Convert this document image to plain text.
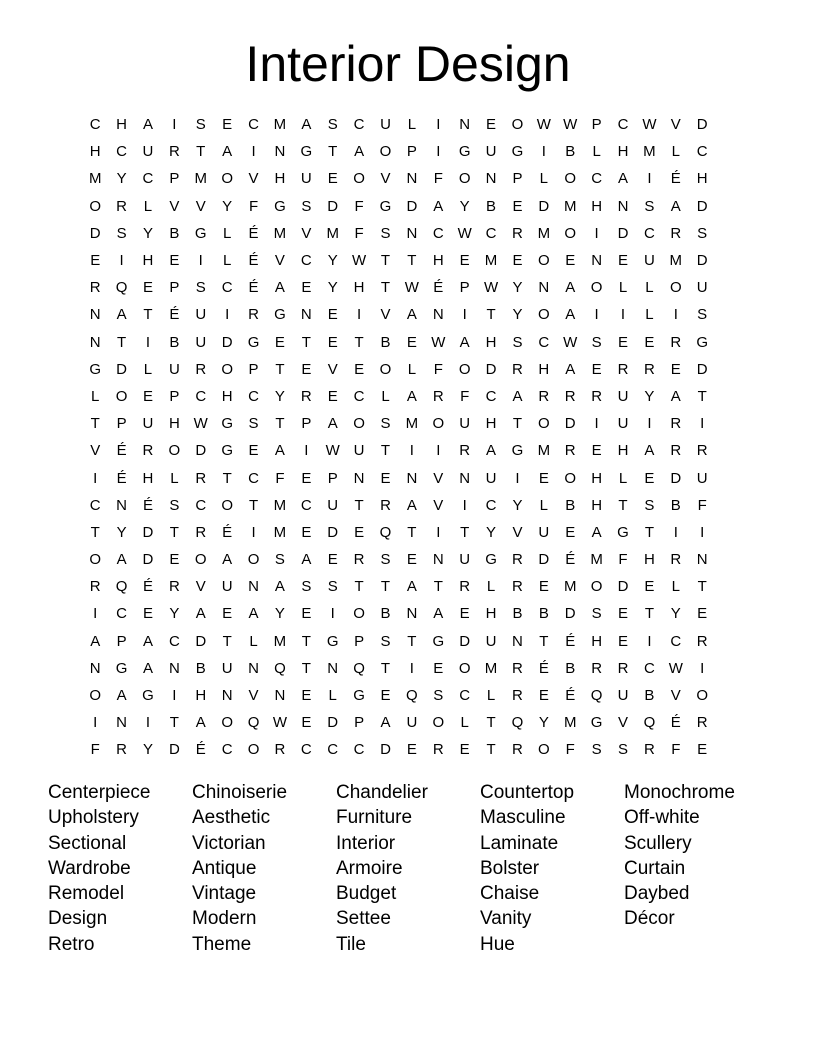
Interior Design
C	H	A	I	S	E	C M	A	S	C	U	L	I	N	E	O W W P	C W V	D
H	C	U	R	T	A	I	N	G	T	A	O	P	I	G	U	G	I	B	L	H M	L	C
M	Y	C	P	M O	V	H	U	E	O	V	N	F	O	N	P	L	O	C	A	I	É	H
O	R	L	V	V	Y	F	G	S	D	F	G	D	A	Y	B	E	D M H	N	S	A	D
D	S	Y	B	G	L	É	M	V	M	F	S	N	C W C	R M O	I	D	C	R	S
E	I	H	E	I	L	É	V	C	Y W T	T	H	E	M	E	O	E	N	E	U M D
R	Q	E	P	S	C	É	A	E	Y	H	T W É	P W Y	N	A	O	L	L	O	U
N	A	T	É	U	I	R	G	N	E	I	V	A	N	I	T	Y	O	A	I	I	L	I	S
N	T	I	B	U	D	G	E	T	E	T	B	E W A	H	S	C W S	E	E	R	G
G	D	L	U	R	O	P	T	E	V	E	O	L	F	O	D	R	H	A	E	R	R	E	D
L	O	E	P	C	H	C	Y	R	E	C	L	A	R	F	C	A	R	R	R	U	Y	A	T
T	P	U	H W G	S	T	P	A	O	S	M O	U	H	T	O	D	I	U	I	R	I
V	É	R	O	D	G	E	A	I	W U	T	I	I	R	A	G M R	E	H	A	R	R
I	É	H	L	R	T	C	F	E	P	N	E	N	V	N	U	I	E	O	H	L	E	D	U
C	N	É	S	C	O	T	M C	U	T	R	A	V	I	C	Y	L	B	H	T	S	B	F
T	Y	D	T	R	É	I	M	E	D	E	Q	T	I	T	Y	V	U	E	A	G	T	I	I
O	A	D	E	O	A	O	S	A	E	R	S	E	N	U	G	R	D	É	M	F	H	R	N
R	Q	É	R	V	U	N	A	S	S	T	T	A	T	R	L	R	E	M O	D	E	L	T
I	C	E	Y	A	E	A	Y	E	I	O	B	N	A	E	H	B	B	D	S	E	T	Y	E
A	P	A	C	D	T	L	M	T	G	P	S	T	G	D	U	N	T	É	H	E	I	C	R
N	G	A	N	B	U	N	Q	T	N	Q	T	I	E	O M R	É	B	R	R	C W	I
O	A	G	I	H	N	V	N	E	L	G	E	Q	S	C	L	R	E	É	Q	U	B	V	O
I	N	I	T	A	O Q W E	D	P	A	U	O	L	T	Q	Y	M G	V	Q	É	R
F	R	Y	D	É	C	O	R	C	C	C	D	E	R	E	T	R	O	F	S	S	R	F	E
Centerpiece	Chinoiserie	Chandelier	Countertop	Monochrome
Upholstery	Aesthetic	Furniture	Masculine	Off-white
Sectional	Victorian	Interior	Laminate	Scullery
Wardrobe	Antique	Armoire	Bolster	Curtain
Remodel	Vintage	Budget	Chaise	Daybed
Design	Modern	Settee	Vanity	Décor
Retro	Theme	Tile	Hue
